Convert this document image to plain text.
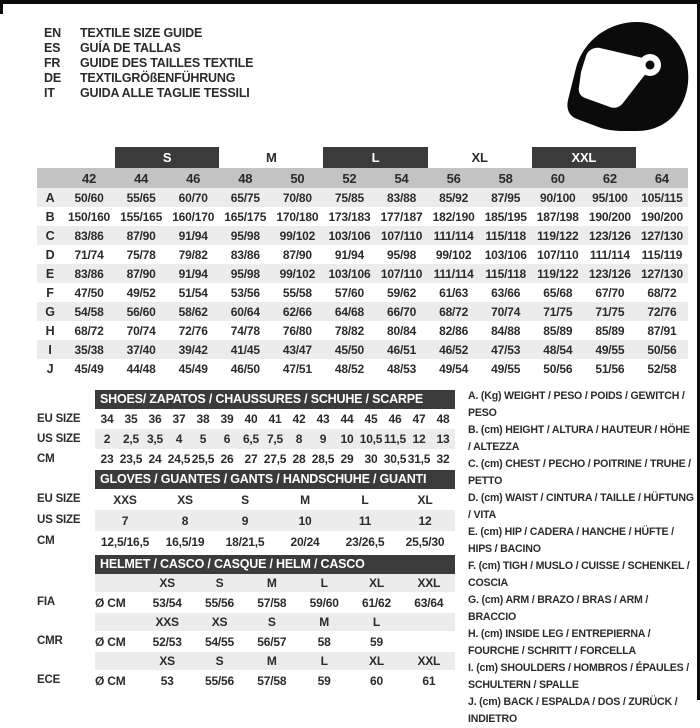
EN	TEXTILE SIZE GUIDE
ES	GUÍA DE TALLAS
FR	GUIDE DES TAILLES TEXTILE
DE	TEXTILGRÖßENFÜHRUNG
IT	GUIDA ALLE TAGLIE TESSILI
S	M	L	XL	XXL
42	44	46	48	50	52	54	56	58	60	62	64
A	50/60	55/65	60/70	65/75	70/80	75/85	83/88	85/92	87/95	90/100	95/100	105/115
B	150/160 155/165 160/170 165/175 170/180 173/183 177/187 182/190 185/195 187/198 190/200 190/200
C	83/86	87/90	91/94	95/98	99/102	103/106 107/110 111/114 115/118 119/122 123/126 127/130
D	71/74	75/78	79/82	83/86	87/90	91/94	95/98	99/102	103/106 107/110 111/114 115/119
E	83/86	87/90	91/94	95/98	99/102	103/106 107/110 111/114 115/118 119/122 123/126 127/130
F	47/50	49/52	51/54	53/56	55/58	57/60	59/62	61/63	63/66	65/68	67/70	68/72
G	54/58	56/60	58/62	60/64	62/66	64/68	66/70	68/72	70/74	71/75	71/75	72/76
H	68/72	70/74	72/76	74/78	76/80	78/82	80/84	82/86	84/88	85/89	85/89	87/91
I	35/38	37/40	39/42	41/45	43/47	45/50	46/51	46/52	47/53	48/54	49/55	50/56
J	45/49	44/48	45/49	46/50	47/51	48/52	48/53	49/54	49/55	50/56	51/56	52/58
SHOES/ ZAPATOS / CHAUSSURES / SCHUHE / SCARPE
EU SIZE	34 35 36 37 38 39 40 41 42 43 44 45 46 47 48
US SIZE	2	2,5 3,5	4	5	6	6,5 7,5	8	9	10 10,5 11,5 12 13
CM	23 23,5 24 24,5 25,5 26 27 27,5 28 28,5 29 30 30,5 31,5 32
GLOVES / GUANTES / GANTS / HANDSCHUHE / GUANTI
EU SIZE	XXS	XS	S	M	L	XL
US SIZE	7	8	9	10	11	12
CM	12,5/16,5	16,5/19	18/21,5	20/24	23/26,5	25,5/30
HELMET / CASCO / CASQUE / HELM / CASCO
XS	S	M	L	XL	XXL
FIA	Ø CM	53/54	55/56	57/58	59/60	61/62	63/64
XXS	XS	S	M	L
CMR	Ø CM	52/53	54/55	56/57	58	59
XS	S	M	L	XL	XXL
ECE	Ø CM	53	55/56	57/58	59	60	61
A. (Kg) WEIGHT / PESO / POIDS / GEWITCH / PESO
B. (cm) HEIGHT / ALTURA / HAUTEUR / HÖHE / ALTEZZA
C. (cm) CHEST / PECHO / POITRINE / TRUHE / PETTO
D. (cm) WAIST / CINTURA / TAILLE / HÜFTUNG / VITA
E. (cm) HIP / CADERA / HANCHE / HÜFTE / HIPS / BACINO
F. (cm) TIGH / MUSLO / CUISSE / SCHENKEL / COSCIA
G. (cm) ARM / BRAZO / BRAS / ARM / BRACCIO
H. (cm) INSIDE LEG / ENTREPIERNA / FOURCHE / SCHRITT / FORCELLA
I. (cm) SHOULDERS / HOMBROS / ÉPAULES / SCHULTERN / SPALLE
J. (cm) BACK / ESPALDA / DOS / ZURÜCK / INDIETRO
